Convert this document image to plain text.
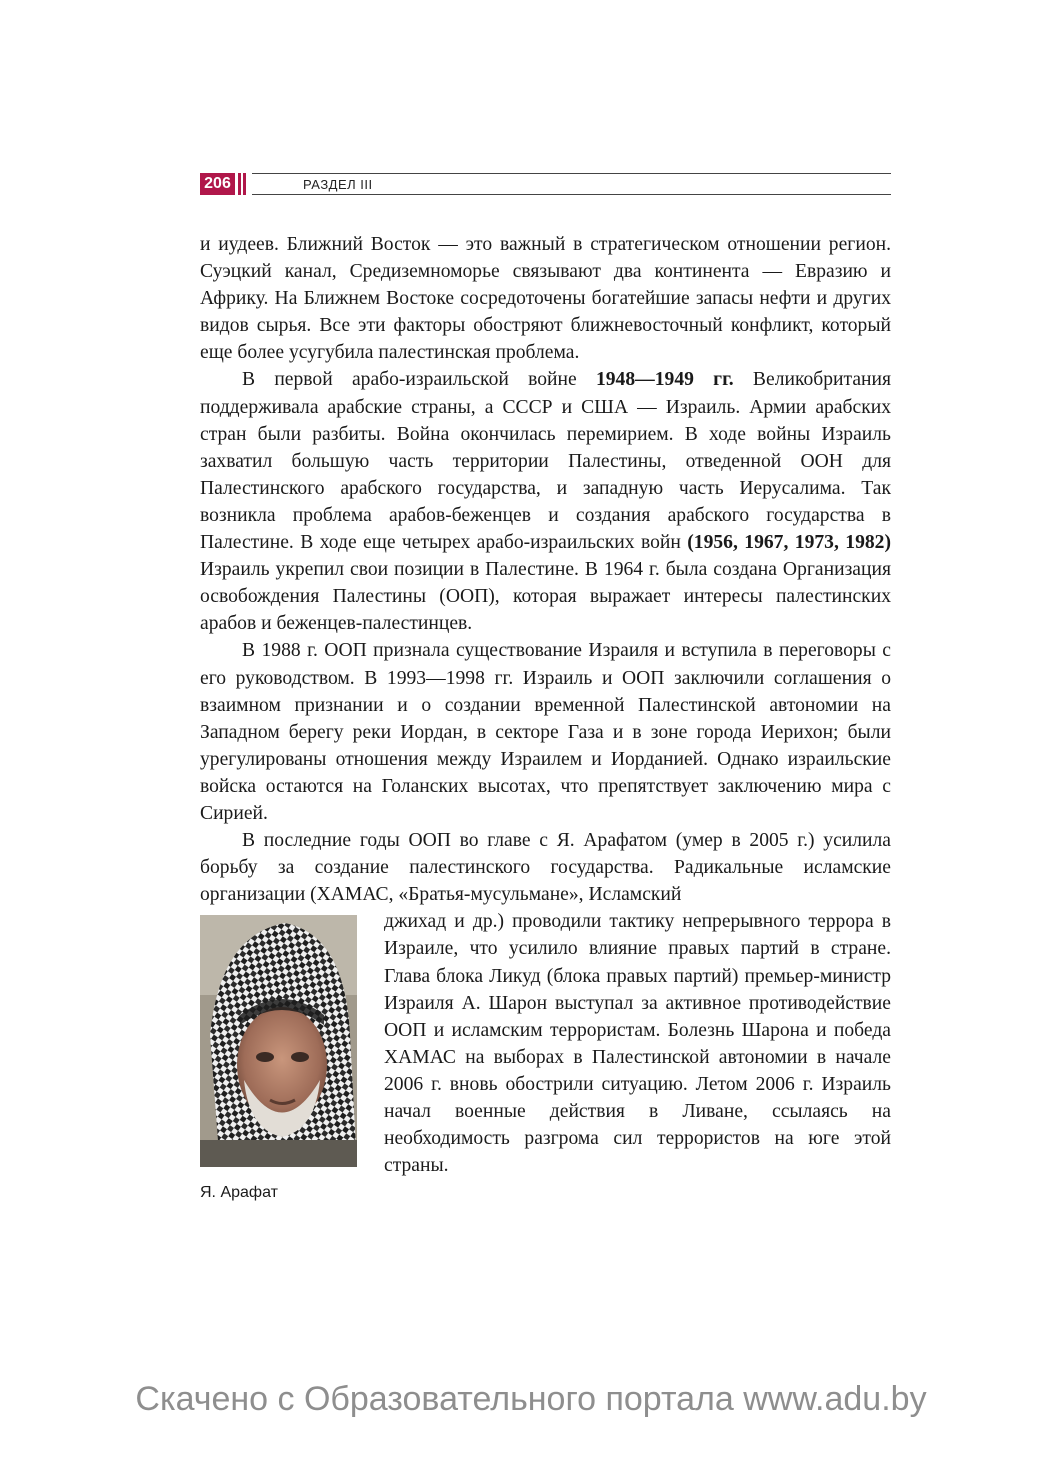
206	РАЗДЕЛ III

и иудеев. Ближний Восток — это важный в стратегическом отношении регион. Суэцкий канал, Средиземноморье связывают два континента — Евразию и Африку. На Ближнем Востоке сосредоточены богатейшие запасы нефти и других видов сырья. Все эти факторы обостряют ближневосточный конфликт, который еще более усугубила палестинская проблема.

В первой арабо-израильской войне 1948—1949 гг. Великобритания поддерживала арабские страны, а СССР и США — Израиль. Армии арабских стран были разбиты. Война окончилась перемирием. В ходе войны Израиль захватил большую часть территории Палестины, отведенной ООН для Палестинского арабского государства, и западную часть Иерусалима. Так возникла проблема арабов-беженцев и создания арабского государства в Палестине. В ходе еще четырех арабо-израильских войн (1956, 1967, 1973, 1982) Израиль укрепил свои позиции в Палестине. В 1964 г. была создана Организация освобождения Палестины (ООП), которая выражает интересы палестинских арабов и беженцев-палестинцев.

В 1988 г. ООП признала существование Израиля и вступила в переговоры с его руководством. В 1993—1998 гг. Израиль и ООП заключили соглашения о взаимном признании и о создании временной Палестинской автономии на Западном берегу реки Иордан, в секторе Газа и в зоне города Иерихон; были урегулированы отношения между Израилем и Иорданией. Однако израильские войска остаются на Голанских высотах, что препятствует заключению мира с Сирией.

В последние годы ООП во главе с Я. Арафатом (умер в 2005 г.) усилила борьбу за создание палестинского государства. Радикальные исламские организации (ХАМАС, «Братья-мусульмане», Исламский

Я. Арафат

джихад и др.) проводили тактику непрерывного террора в Израиле, что усилило влияние правых партий в стране. Глава блока Ликуд (блока правых партий) премьер-министр Израиля А. Шарон выступал за активное противодействие ООП и исламским террористам. Болезнь Шарона и победа ХАМАС на выборах в Палестинской автономии в начале 2006 г. вновь обострили ситуацию. Летом 2006 г. Израиль начал военные действия в Ливане, ссылаясь на необходимость разгрома сил террористов на юге этой страны.

Скачено с Образовательного портала www.adu.by
